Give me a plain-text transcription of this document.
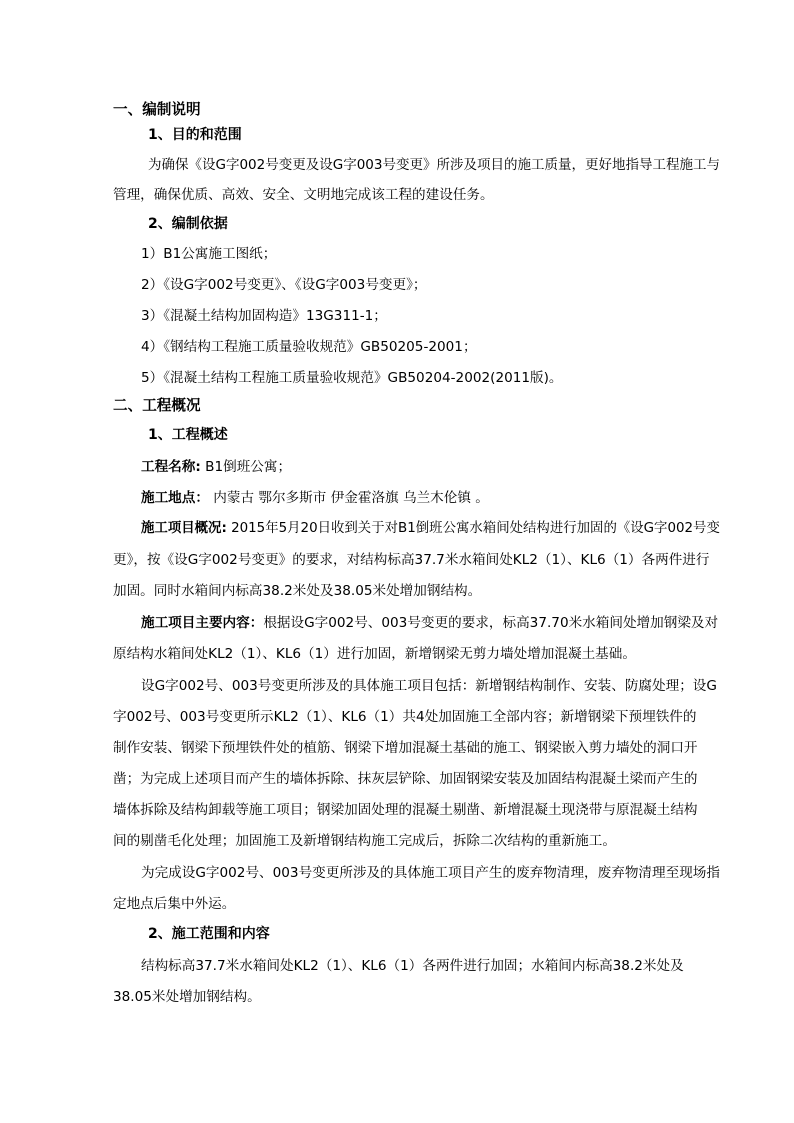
一、编制说明
1、目的和范围
为确保《设G字002号变更及设G字003号变更》所涉及项目的施工质量，更好地指导工程施工与
管理，确保优质、高效、安全、文明地完成该工程的建设任务。
2、编制依据
1）B1公寓施工图纸；
2）《设G字002号变更》、《设G字003号变更》；
3）《混凝土结构加固构造》13G311-1；
4）《钢结构工程施工质量验收规范》GB50205-2001；
5）《混凝土结构工程施工质量验收规范》GB50204-2002(2011版)。
二、工程概况
1、工程概述
工程名称: B1倒班公寓；
施工地点： 内蒙古 鄂尔多斯市 伊金霍洛旗 乌兰木伦镇 。
施工项目概况: 2015年5月20日收到关于对B1倒班公寓水箱间处结构进行加固的《设G字002号变
更》，按《设G字002号变更》的要求，对结构标高37.7米水箱间处KL2（1）、KL6（1）各两件进行
加固。同时水箱间内标高38.2米处及38.05米处增加钢结构。
施工项目主要内容：根据设G字002号、003号变更的要求，标高37.70米水箱间处增加钢梁及对
原结构水箱间处KL2（1）、KL6（1）进行加固，新增钢梁无剪力墙处增加混凝土基础。
设G字002号、003号变更所涉及的具体施工项目包括：新增钢结构制作、安装、防腐处理；设G
字002号、003号变更所示KL2（1）、KL6（1）共4处加固施工全部内容；新增钢梁下预埋铁件的
制作安装、钢梁下预埋铁件处的植筋、钢梁下增加混凝土基础的施工、钢梁嵌入剪力墙处的洞口开
凿；为完成上述项目而产生的墙体拆除、抹灰层铲除、加固钢梁安装及加固结构混凝土梁而产生的
墙体拆除及结构卸载等施工项目；钢梁加固处理的混凝土剔凿、新增混凝土现浇带与原混凝土结构
间的剔凿毛化处理；加固施工及新增钢结构施工完成后，拆除二次结构的重新施工。
为完成设G字002号、003号变更所涉及的具体施工项目产生的废弃物清理，废弃物清理至现场指
定地点后集中外运。
2、施工范围和内容
结构标高37.7米水箱间处KL2（1）、KL6（1）各两件进行加固；水箱间内标高38.2米处及
38.05米处增加钢结构。
